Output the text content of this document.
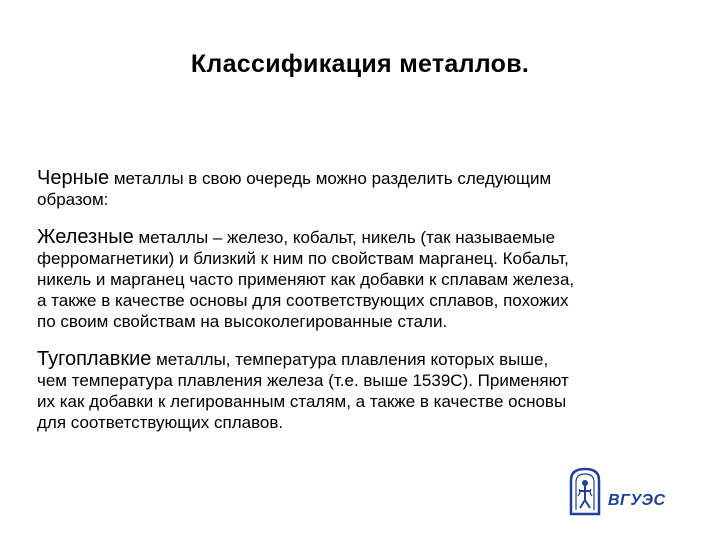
Классификация металлов.
Черные металлы в свою очередь можно разделить следующим
образом:
Железные металлы – железо, кобальт, никель (так называемые
ферромагнетики) и близкий к ним по свойствам марганец. Кобальт,
никель и марганец часто применяют как добавки к сплавам железа,
а также в качестве основы для соответствующих сплавов, похожих
по своим свойствам на высоколегированные стали.
Тугоплавкие металлы, температура плавления которых выше,
чем температура плавления железа (т.е. выше 1539С). Применяют
их как добавки к легированным сталям, а также в качестве основы
для соответствующих сплавов.
ВГУЭС
